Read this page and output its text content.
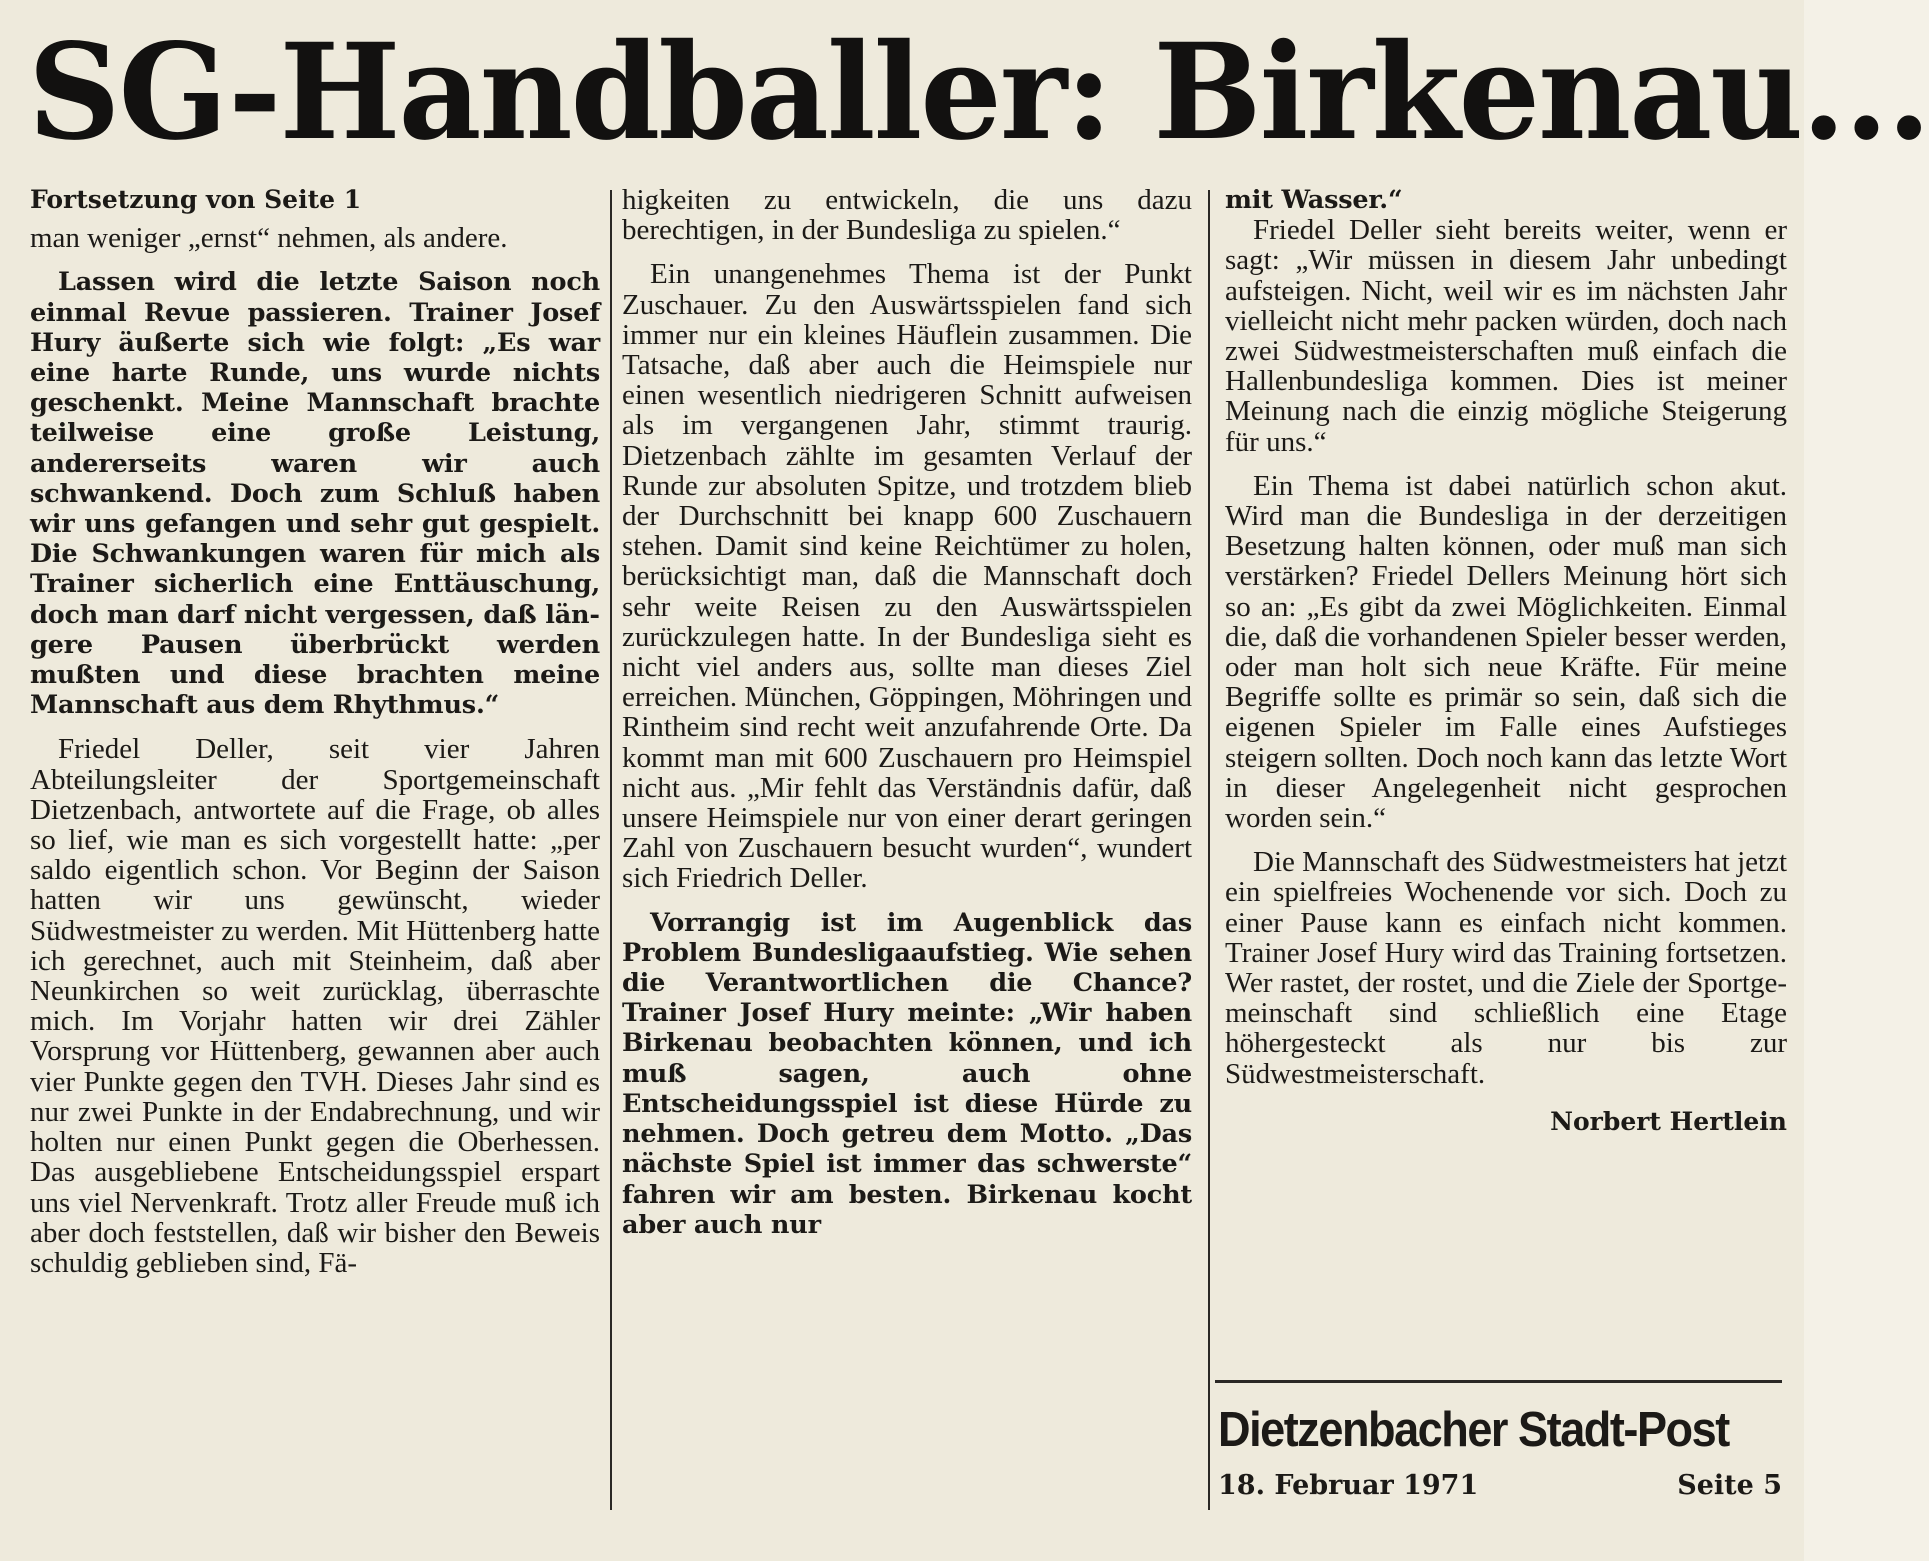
SG-Handballer: Birkenau...

Fortsetzung von Seite 1

man weniger „ernst“ nehmen, als andere.

Lassen wird die letzte Saison noch einmal Revue passieren. Trainer Josef Hury äußerte sich wie folgt: „Es war eine harte Runde, uns wurde nichts geschenkt. Meine Mannschaft brachte teilweise eine große Leistung, andererseits waren wir auch schwankend. Doch zum Schluß haben wir uns gefangen und sehr gut gespielt. Die Schwankungen waren für mich als Trainer sicherlich eine Enttäuschung, doch man darf nicht vergessen, daß längere Pausen überbrückt werden mußten und diese brachten meine Mannschaft aus dem Rhythmus.“

Friedel Deller, seit vier Jahren Abteilungsleiter der Sportgemeinschaft Dietzenbach, antwortete auf die Frage, ob alles so lief, wie man es sich vorgestellt hatte: „per saldo eigentlich schon. Vor Beginn der Saison hatten wir uns gewünscht, wieder Südwestmeister zu werden. Mit Hüttenberg hatte ich gerechnet, auch mit Steinheim, daß aber Neunkirchen so weit zurücklag, überraschte mich. Im Vorjahr hatten wir drei Zähler Vorsprung vor Hüttenberg, gewannen aber auch vier Punkte gegen den TVH. Dieses Jahr sind es nur zwei Punkte in der Endabrechnung, und wir holten nur einen Punkt gegen die Oberhessen. Das ausgebliebene Entscheidungsspiel erspart uns viel Nervenkraft. Trotz aller Freude muß ich aber doch feststellen, daß wir bisher den Beweis schuldig geblieben sind, Fä-

higkeiten zu entwickeln, die uns dazu berechtigen, in der Bundesliga zu spielen.“

Ein unangenehmes Thema ist der Punkt Zuschauer. Zu den Auswärtsspielen fand sich immer nur ein kleines Häuflein zusammen. Die Tatsache, daß aber auch die Heimspiele nur einen wesentlich niedrigeren Schnitt aufweisen als im vergangenen Jahr, stimmt traurig. Dietzenbach zählte im gesamten Verlauf der Runde zur absoluten Spitze, und trotzdem blieb der Durchschnitt bei knapp 600 Zuschauern stehen. Damit sind keine Reichtümer zu holen, berücksichtigt man, daß die Mannschaft doch sehr weite Reisen zu den Auswärtsspielen zurückzulegen hatte. In der Bundesliga sieht es nicht viel anders aus, sollte man dieses Ziel erreichen. München, Göppingen, Möhringen und Rintheim sind recht weit anzufahrende Orte. Da kommt man mit 600 Zuschauern pro Heimspiel nicht aus. „Mir fehlt das Verständnis dafür, daß unsere Heimspiele nur von einer derart geringen Zahl von Zuschauern besucht wurden“, wundert sich Friedrich Deller.

Vorrangig ist im Augenblick das Problem Bundesligaaufstieg. Wie sehen die Verantwortlichen die Chance? Trainer Josef Hury meinte: „Wir haben Birkenau beobachten können, und ich muß sagen, auch ohne Entscheidungsspiel ist diese Hürde zu nehmen. Doch getreu dem Motto. „Das nächste Spiel ist immer das schwerste“ fahren wir am besten. Birkenau kocht aber auch nur

mit Wasser.“

Friedel Deller sieht bereits weiter, wenn er sagt: „Wir müssen in diesem Jahr unbedingt aufsteigen. Nicht, weil wir es im nächsten Jahr vielleicht nicht mehr packen würden, doch nach zwei Südwestmeisterschaften muß einfach die Hallenbundesliga kommen. Dies ist meiner Meinung nach die einzig mögliche Steigerung für uns.“

Ein Thema ist dabei natürlich schon akut. Wird man die Bundesliga in der derzeitigen Besetzung halten können, oder muß man sich verstärken? Friedel Dellers Meinung hört sich so an: „Es gibt da zwei Möglichkeiten. Einmal die, daß die vorhandenen Spieler besser werden, oder man holt sich neue Kräfte. Für meine Begriffe sollte es primär so sein, daß sich die eigenen Spieler im Falle eines Aufstieges steigern sollten. Doch noch kann das letzte Wort in dieser Angelegenheit nicht gesprochen worden sein.“

Die Mannschaft des Südwestmeisters hat jetzt ein spielfreies Wochenende vor sich. Doch zu einer Pause kann es einfach nicht kommen. Trainer Josef Hury wird das Training fortsetzen. Wer rastet, der rostet, und die Ziele der Sportgemeinschaft sind schließlich eine Etage höhergesteckt als nur bis zur Südwestmeisterschaft.

Norbert Hertlein

Dietzenbacher Stadt-Post
18. Februar 1971	Seite 5
